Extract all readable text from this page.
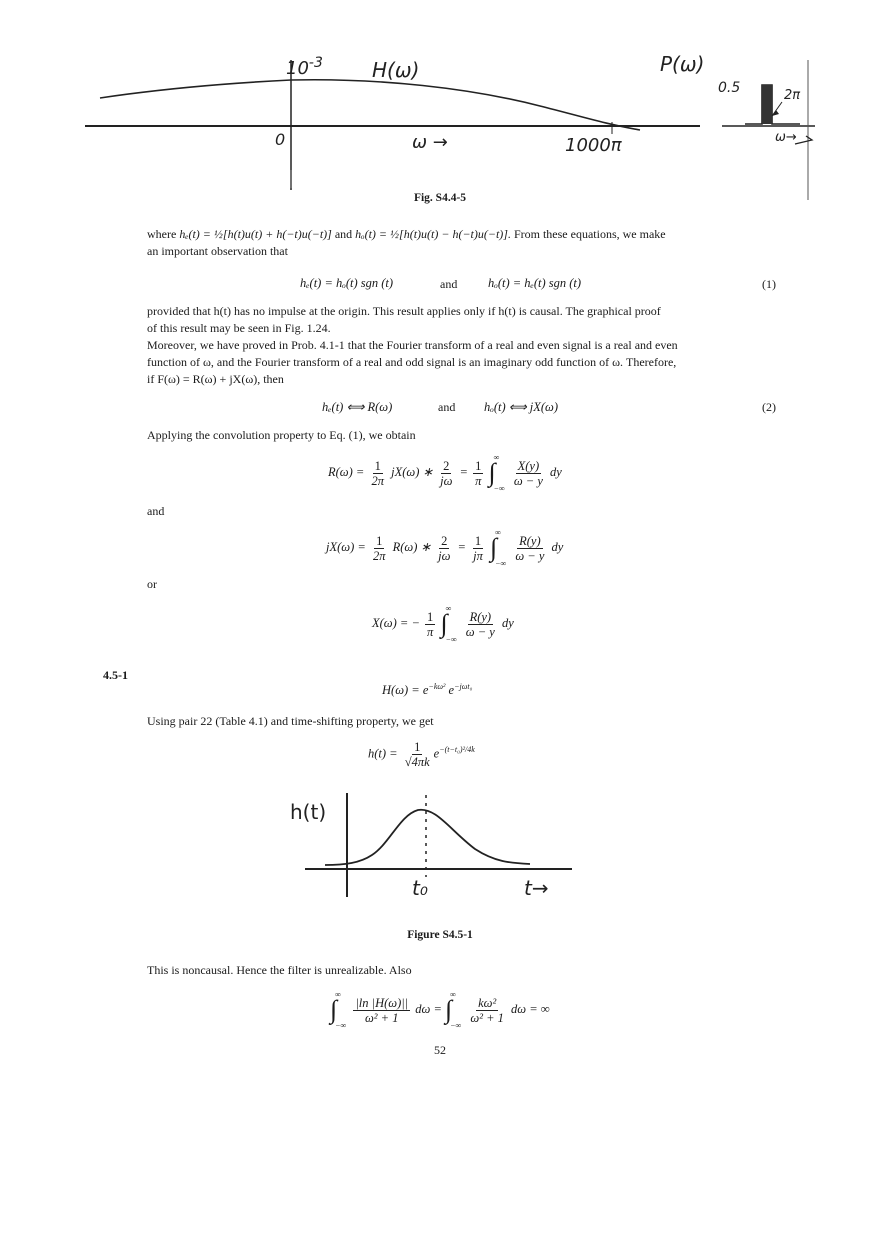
$10^{-3}$ H(ω)	P(ω)
0	ω →	1000π
0.5	2π
ω→
Fig. S4.4-5
where hₑ(t) = ½[h(t)u(t) + h(−t)u(−t)] and hₒ(t) = ½[h(t)u(t) − h(−t)u(−t)]. From these equations, we make
an important observation that
hₑ(t) = hₒ(t) sgn (t)	and hₒ(t) = hₑ(t) sgn (t)	(1)
provided that h(t) has no impulse at the origin. This result applies only if h(t) is causal. The graphical proof
of this result may be seen in Fig. 1.24.
Moreover, we have proved in Prob. 4.1-1 that the Fourier transform of a real and even signal is a real and even
function of ω, and the Fourier transform of a real and odd signal is an imaginary odd function of ω. Therefore,
if F(ω) = R(ω) + jX(ω), then
hₑ(t) ⟺ R(ω)	and hₒ(t) ⟺ jX(ω)	(2)
Applying the convolution property to Eq. (1), we obtain
$R(\omega) = \frac{1}{2\pi} jX(\omega)$ ∗ $\frac{2}{j\omega} = \frac{1}{\pi}$ ∫
∞
−∞

$\frac{X(y)}{\omega - y}$ dy
and
$jX(\omega) = \frac{1}{2\pi} R(\omega)$ ∗ $\frac{2}{j\omega} = \frac{1}{j\pi}$ ∫
∞
−∞

$\frac{R(y)}{\omega - y}$ dy
or
X(ω) = − $\frac{1}{\pi}$ ∫
∞
−∞

$\frac{R(y)}{\omega - y}$ dy
4.5-1
$H(\omega) = e^{-k\omega^2}$ $e^{-j\omega t_0}$
Using pair 22 (Table 4.1) and time-shifting property, we get
$h(t) = \frac{1}{√4\pi k} e^{-(t-t_0)^2/4k}$
h(t)
t₀	t→
Figure S4.5-1
This is noncausal. Hence the filter is unrealizable. Also
∫
∞
−∞

$\frac{|\ln |H(\omega)||}{\text{ω² + 1}}$ dω = ∫
∞
−∞

$\frac{\text{kω²}}{\text{ω² + 1}}$ dω = ∞
52
